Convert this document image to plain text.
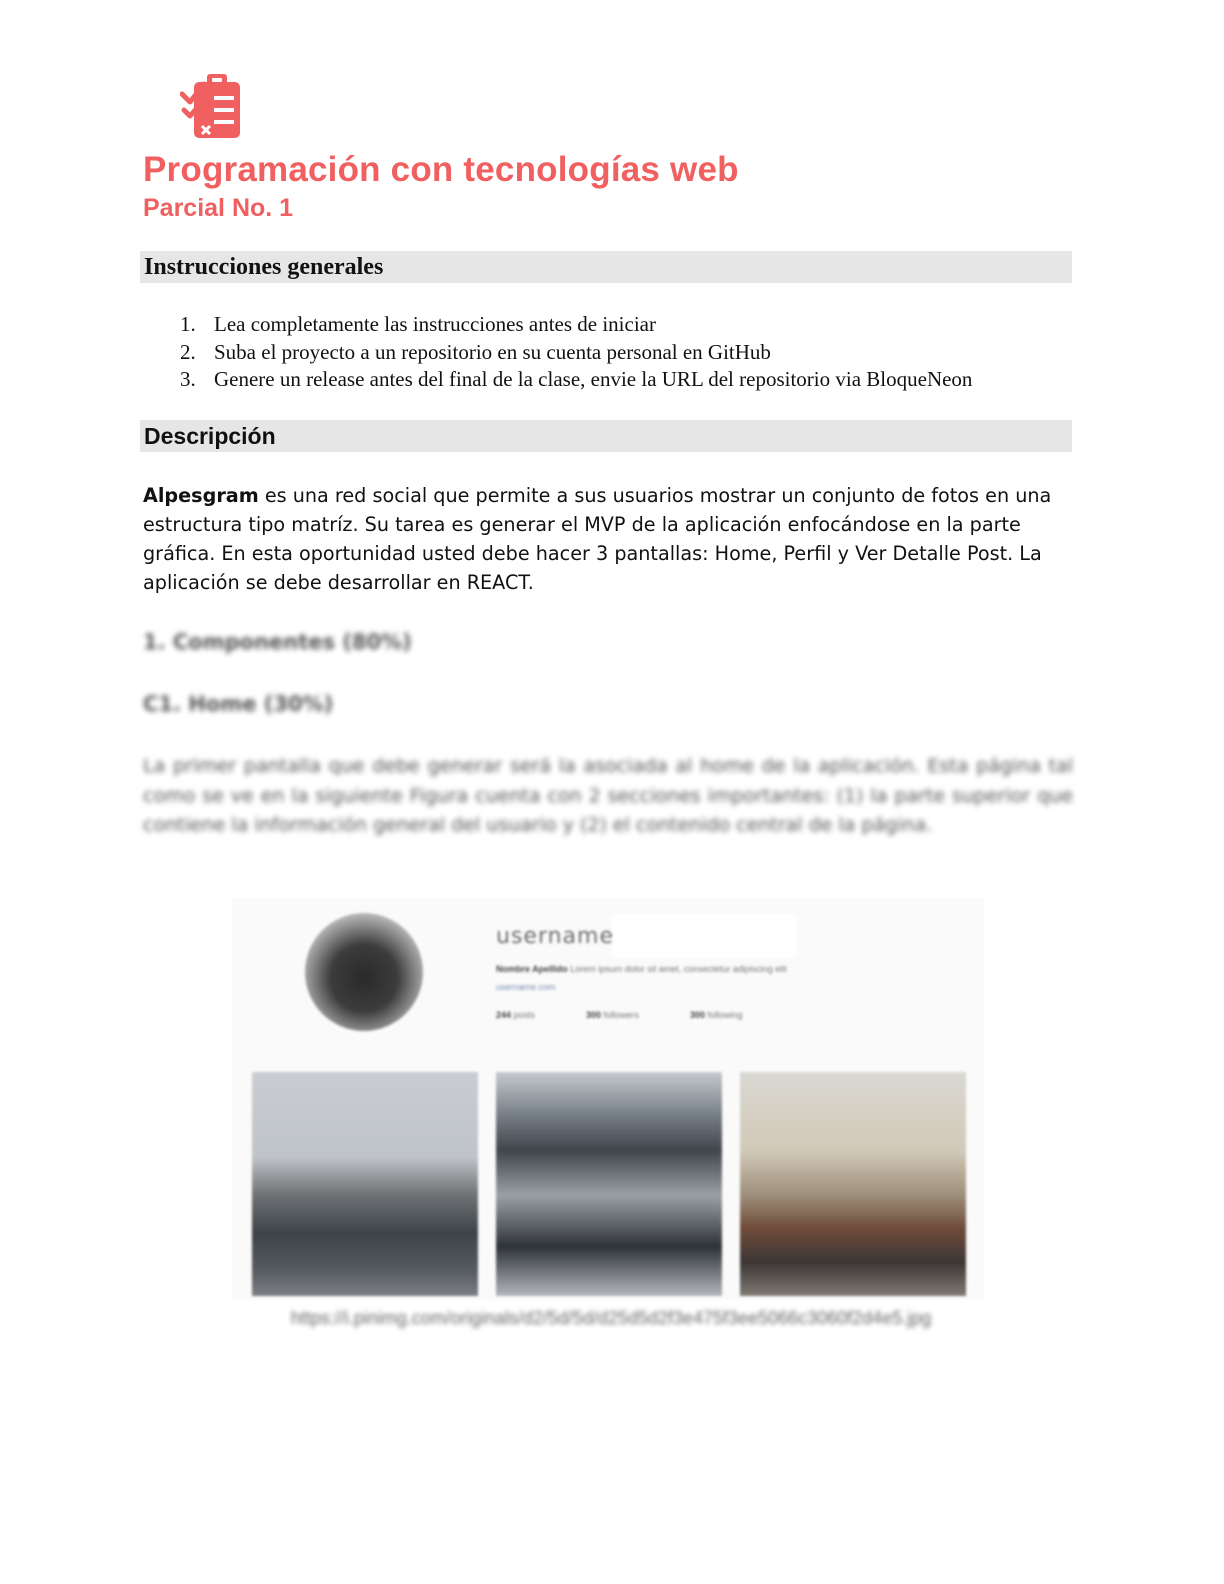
Programación con tecnologías web
Parcial No. 1
Instrucciones generales
1. Lea completamente las instrucciones antes de iniciar
2. Suba el proyecto a un repositorio en su cuenta personal en GitHub
3. Genere un release antes del final de la clase, envie la URL del repositorio via BloqueNeon
Descripción

Alpesgram es una red social que permite a sus usuarios mostrar un conjunto de fotos en una estructura tipo matríz. Su tarea es generar el MVP de la aplicación enfocándose en la parte gráfica. En esta oportunidad usted debe hacer 3 pantallas: Home, Perfil y Ver Detalle Post. La aplicación se debe desarrollar en REACT.

1. Componentes (80%)
C1. Home (30%)

La primer pantalla que debe generar será la asociada al home de la aplicación. Esta página tal como se ve en la siguiente Figura cuenta con 2 secciones importantes: (1) la parte superior que contiene la información general del usuario y (2) el contenido central de la página.

username
Nombre Apellido Lorem ipsum dolor sit amet, consectetur adipiscing elit
username.com
244 posts	300 followers	300 following
https://i.pinimg.com/originals/d2/5d/5d/d25d5d2f3e475f3ee5066c3060f2d4e5.jpg
